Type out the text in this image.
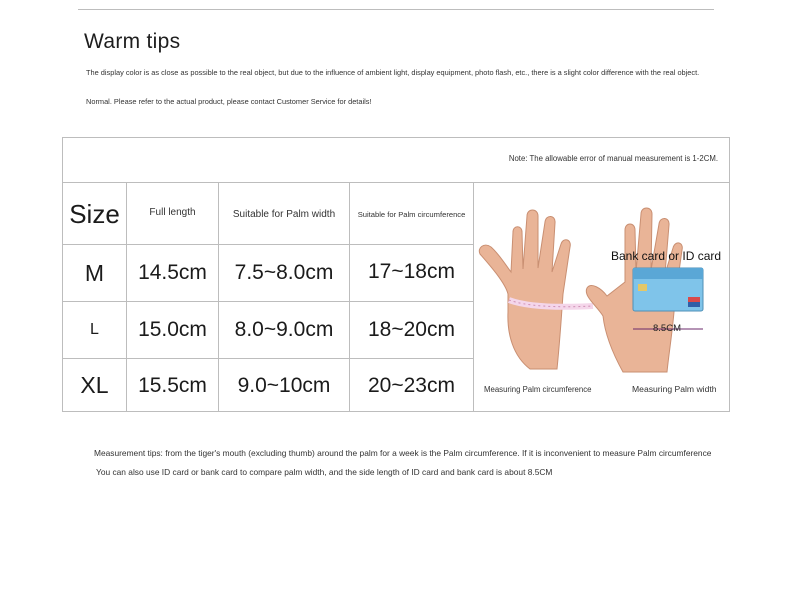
Warm tips
The display color is as close as possible to the real object, but due to the influence of ambient light, display equipment, photo flash, etc., there is a slight color difference with the real object.
Normal. Please refer to the actual product, please contact Customer Service for details!
Note: The allowable error of manual measurement is 1-2CM.
Size	Full length	Suitable for Palm width	Suitable for Palm circumference
M	14.5cm	7.5~8.0cm	17~18cm
L	15.0cm	8.0~9.0cm	18~20cm
XL	15.5cm	9.0~10cm	20~23cm
Bank card or ID card
8.5CM
Measuring Palm circumference	Measuring Palm width
Measurement tips: from the tiger's mouth (excluding thumb) around the palm for a week is the Palm circumference. If it is inconvenient to measure Palm circumference
You can also use ID card or bank card to compare palm width, and the side length of ID card and bank card is about 8.5CM
